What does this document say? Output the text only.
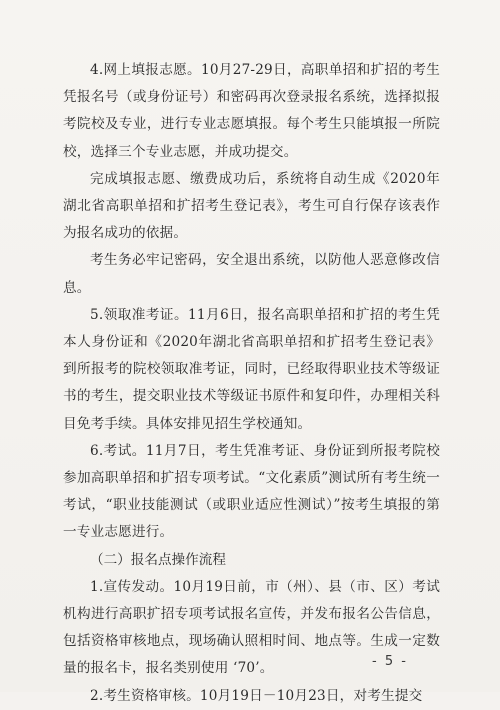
4.网上填报志愿。10月27-29日，高职单招和扩招的考生凭报名号（或身份证号）和密码再次登录报名系统，选择拟报考院校及专业，进行专业志愿填报。每个考生只能填报一所院校，选择三个专业志愿，并成功提交。

完成填报志愿、缴费成功后，系统将自动生成《2020年湖北省高职单招和扩招考生登记表》，考生可自行保存该表作为报名成功的依据。

考生务必牢记密码，安全退出系统，以防他人恶意修改信息。

5.领取准考证。11月6日，报名高职单招和扩招的考生凭本人身份证和《2020年湖北省高职单招和扩招考生登记表》到所报考的院校领取准考证，同时，已经取得职业技术等级证书的考生，提交职业技术等级证书原件和复印件，办理相关科目免考手续。具体安排见招生学校通知。

6.考试。11月7日，考生凭准考证、身份证到所报考院校参加高职单招和扩招专项考试。“文化素质”测试所有考生统一考试，“职业技能测试（或职业适应性测试）”按考生填报的第一专业志愿进行。

（二）报名点操作流程

1.宣传发动。10月19日前，市（州）、县（市、区）考试机构进行高职扩招专项考试报名宣传，并发布报名公告信息，包括资格审核地点，现场确认照相时间、地点等。生成一定数量的报名卡，报名类别使用 ‘70’。

2.考生资格审核。10月19日－10月23日，对考生提交

- 5 -
